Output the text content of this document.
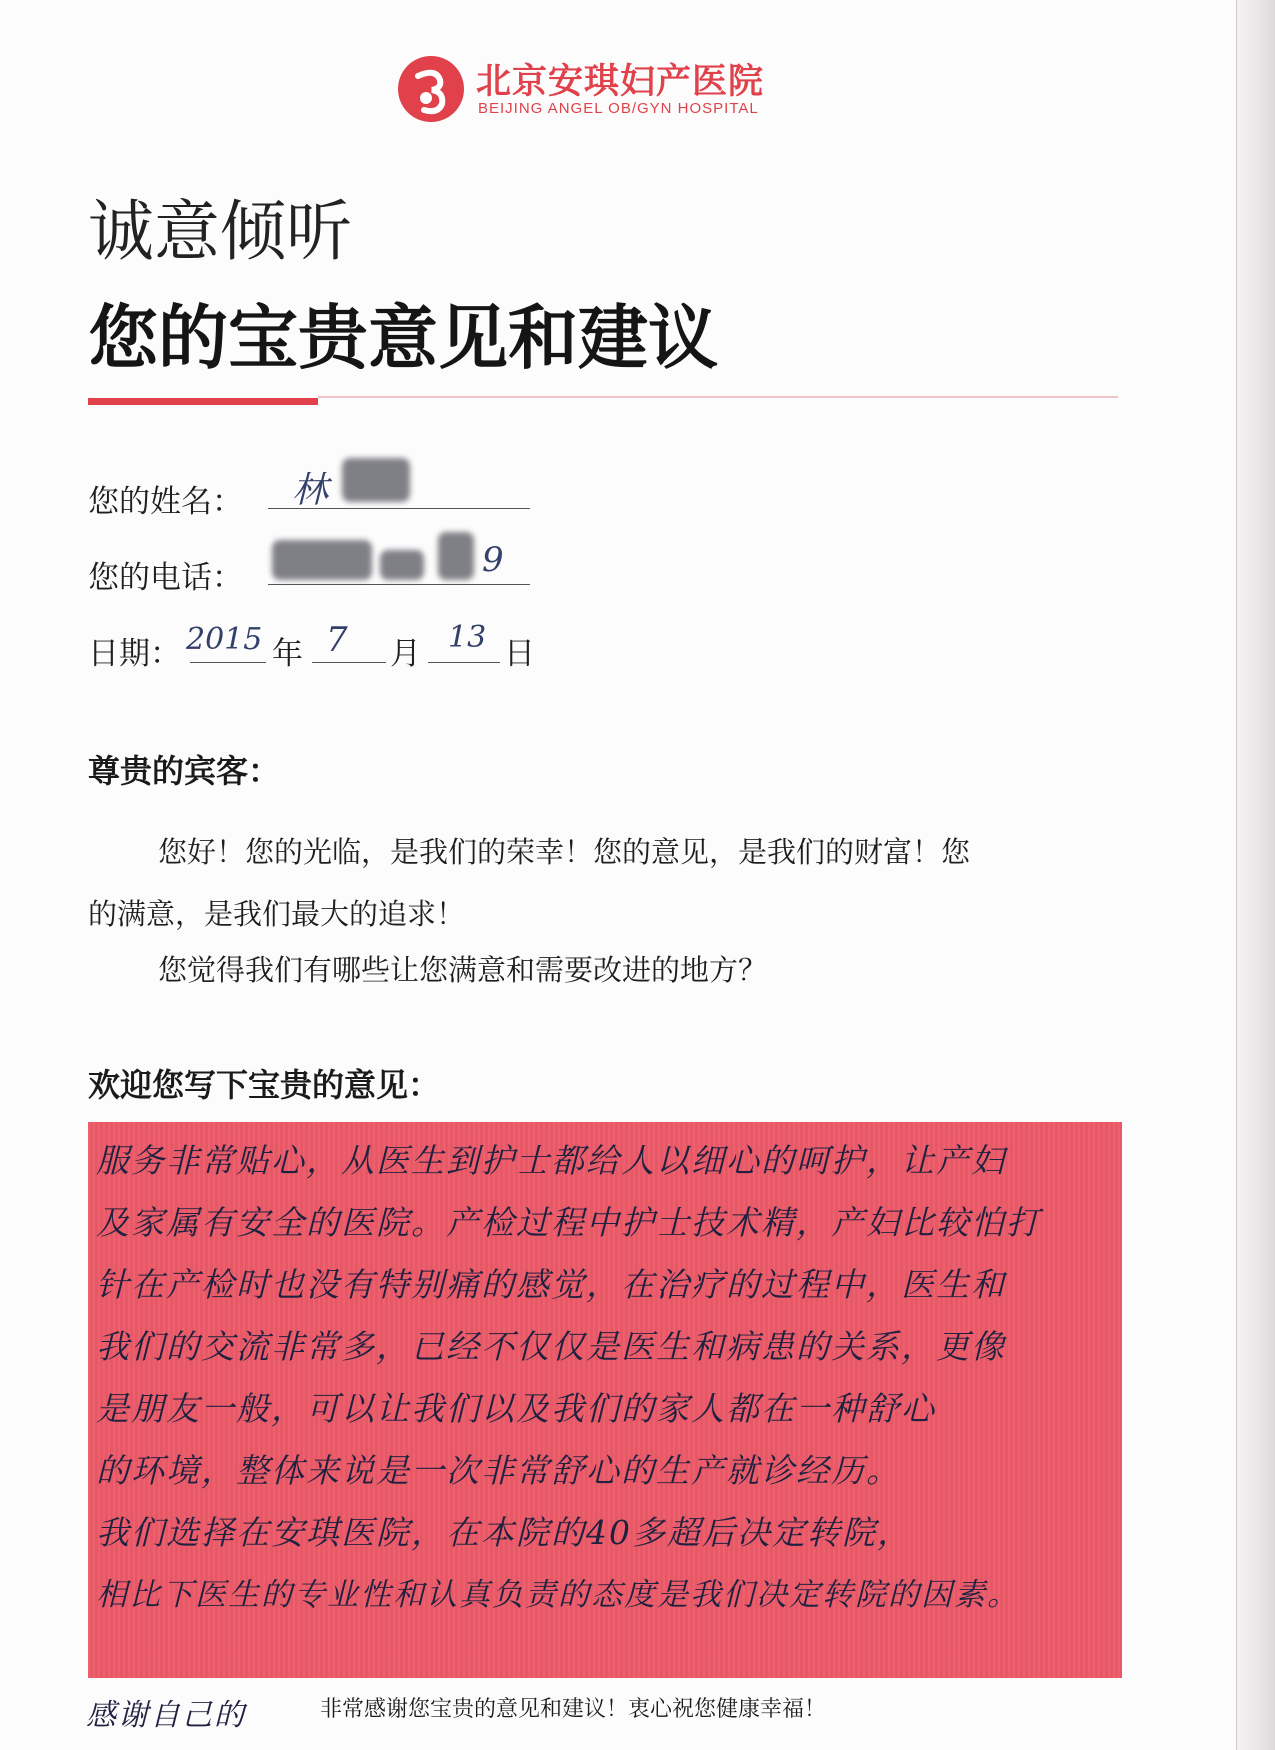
北京安琪妇产医院
BEIJING ANGEL OB/GYN HOSPITAL
诚意倾听
您的宝贵意见和建议
您的姓名： 林
您的电话：	9
日期： 2015 年 7 月 13 日
尊贵的宾客：
您好！您的光临，是我们的荣幸！您的意见，是我们的财富！您
的满意，是我们最大的追求！
您觉得我们有哪些让您满意和需要改进的地方？
欢迎您写下宝贵的意见：
服务非常贴心，从医生到护士都给人以细心的呵护，让产妇
及家属有安全的医院。产检过程中护士技术精，产妇比较怕打
针在产检时也没有特别痛的感觉，在治疗的过程中，医生和
我们的交流非常多，已经不仅仅是医生和病患的关系，更像
是朋友一般，可以让我们以及我们的家人都在一种舒心
的环境，整体来说是一次非常舒心的生产就诊经历。
我们选择在安琪医院，在本院的40多超后决定转院，
相比下医生的专业性和认真负责的态度是我们决定转院的因素。
感谢自己的	非常感谢您宝贵的意见和建议！衷心祝您健康幸福！
